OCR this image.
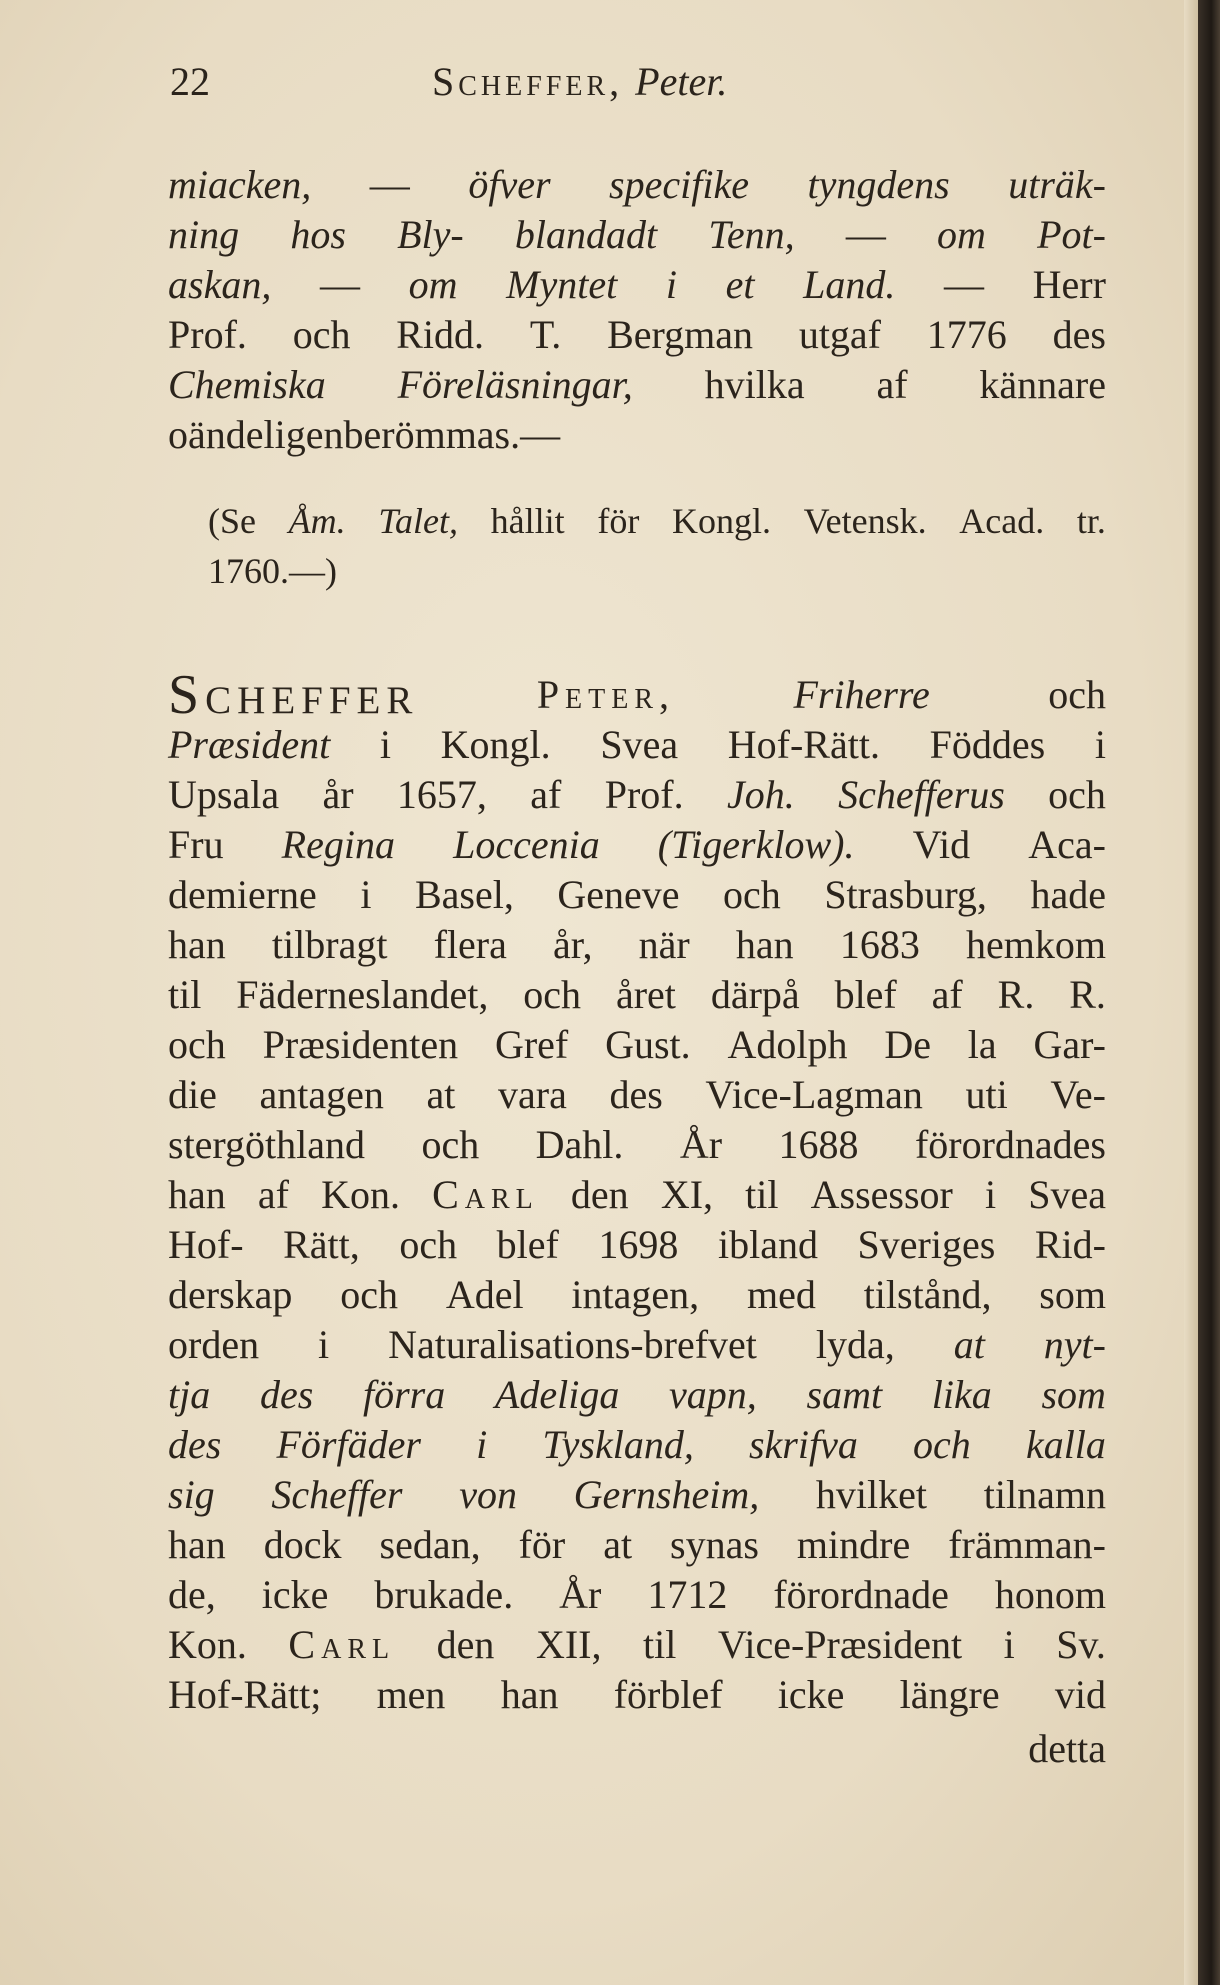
22	Scheffer, Peter.
miacken, — öfver specifike tyngdens uträk-
ning hos Bly- blandadt Tenn, — om Pot-
askan, — om Myntet i et Land. — Herr
Prof. och Ridd. T. Bergman utgaf 1776 des
Chemiska Föreläsningar, hvilka af kännare
oändeligen berömmas. —
(Se Åm. Talet, hållit för Kongl. Vetensk. Acad. tr.
1760. —)
Scheffer	Peter,	Friherre	och
Præsident i Kongl. Svea Hof-Rätt. Föddes i
Upsala år 1657, af Prof. Joh. Schefferus och
Fru Regina Loccenia (Tigerklow). Vid Aca-
demierne i Basel, Geneve och Strasburg, hade
han tilbragt flera år, när han 1683 hemkom
til Fäderneslandet, och året därpå blef af R. R.
och Præsidenten Gref Gust. Adolph De la Gar-
die antagen at vara des Vice-Lagman uti Ve-
stergöthland och Dahl. År 1688 förordnades
han af Kon. Carl den XI, til Assessor i Svea
Hof- Rätt, och blef 1698 ibland Sveriges Rid-
derskap och Adel intagen, med tilstånd, som
orden i Naturalisations-brefvet lyda, at nyt-
tja des förra Adeliga vapn, samt lika som
des Förfäder i Tyskland, skrifva och kalla
sig Scheffer von Gernsheim, hvilket tilnamn
han dock sedan, för at synas mindre främman-
de, icke brukade. År 1712 förordnade honom
Kon. Carl den XII, til Vice-Præsident i Sv.
Hof-Rätt; men han förblef icke längre vid
detta
